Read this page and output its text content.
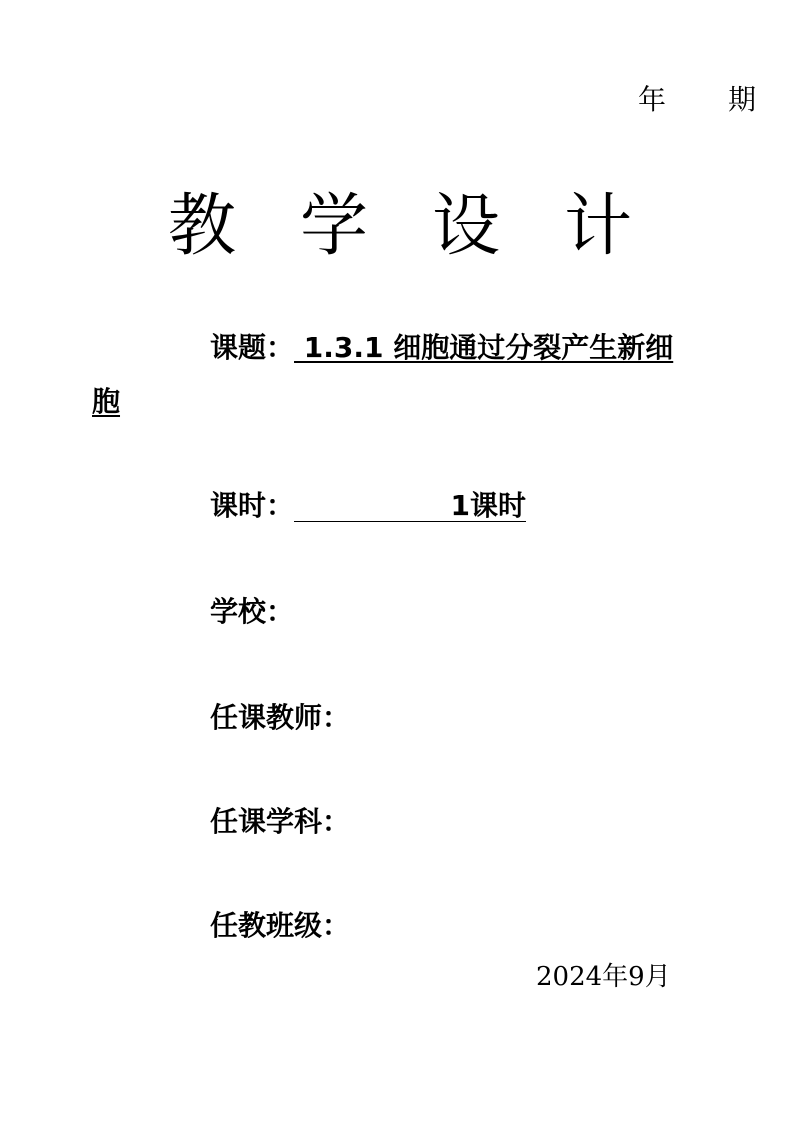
年 期
教学设计
课题： 1.3.1 细胞通过分裂产生新细
胞
课时：	1课时
学校：
任课教师：
任课学科：
任教班级：
2024年9月
